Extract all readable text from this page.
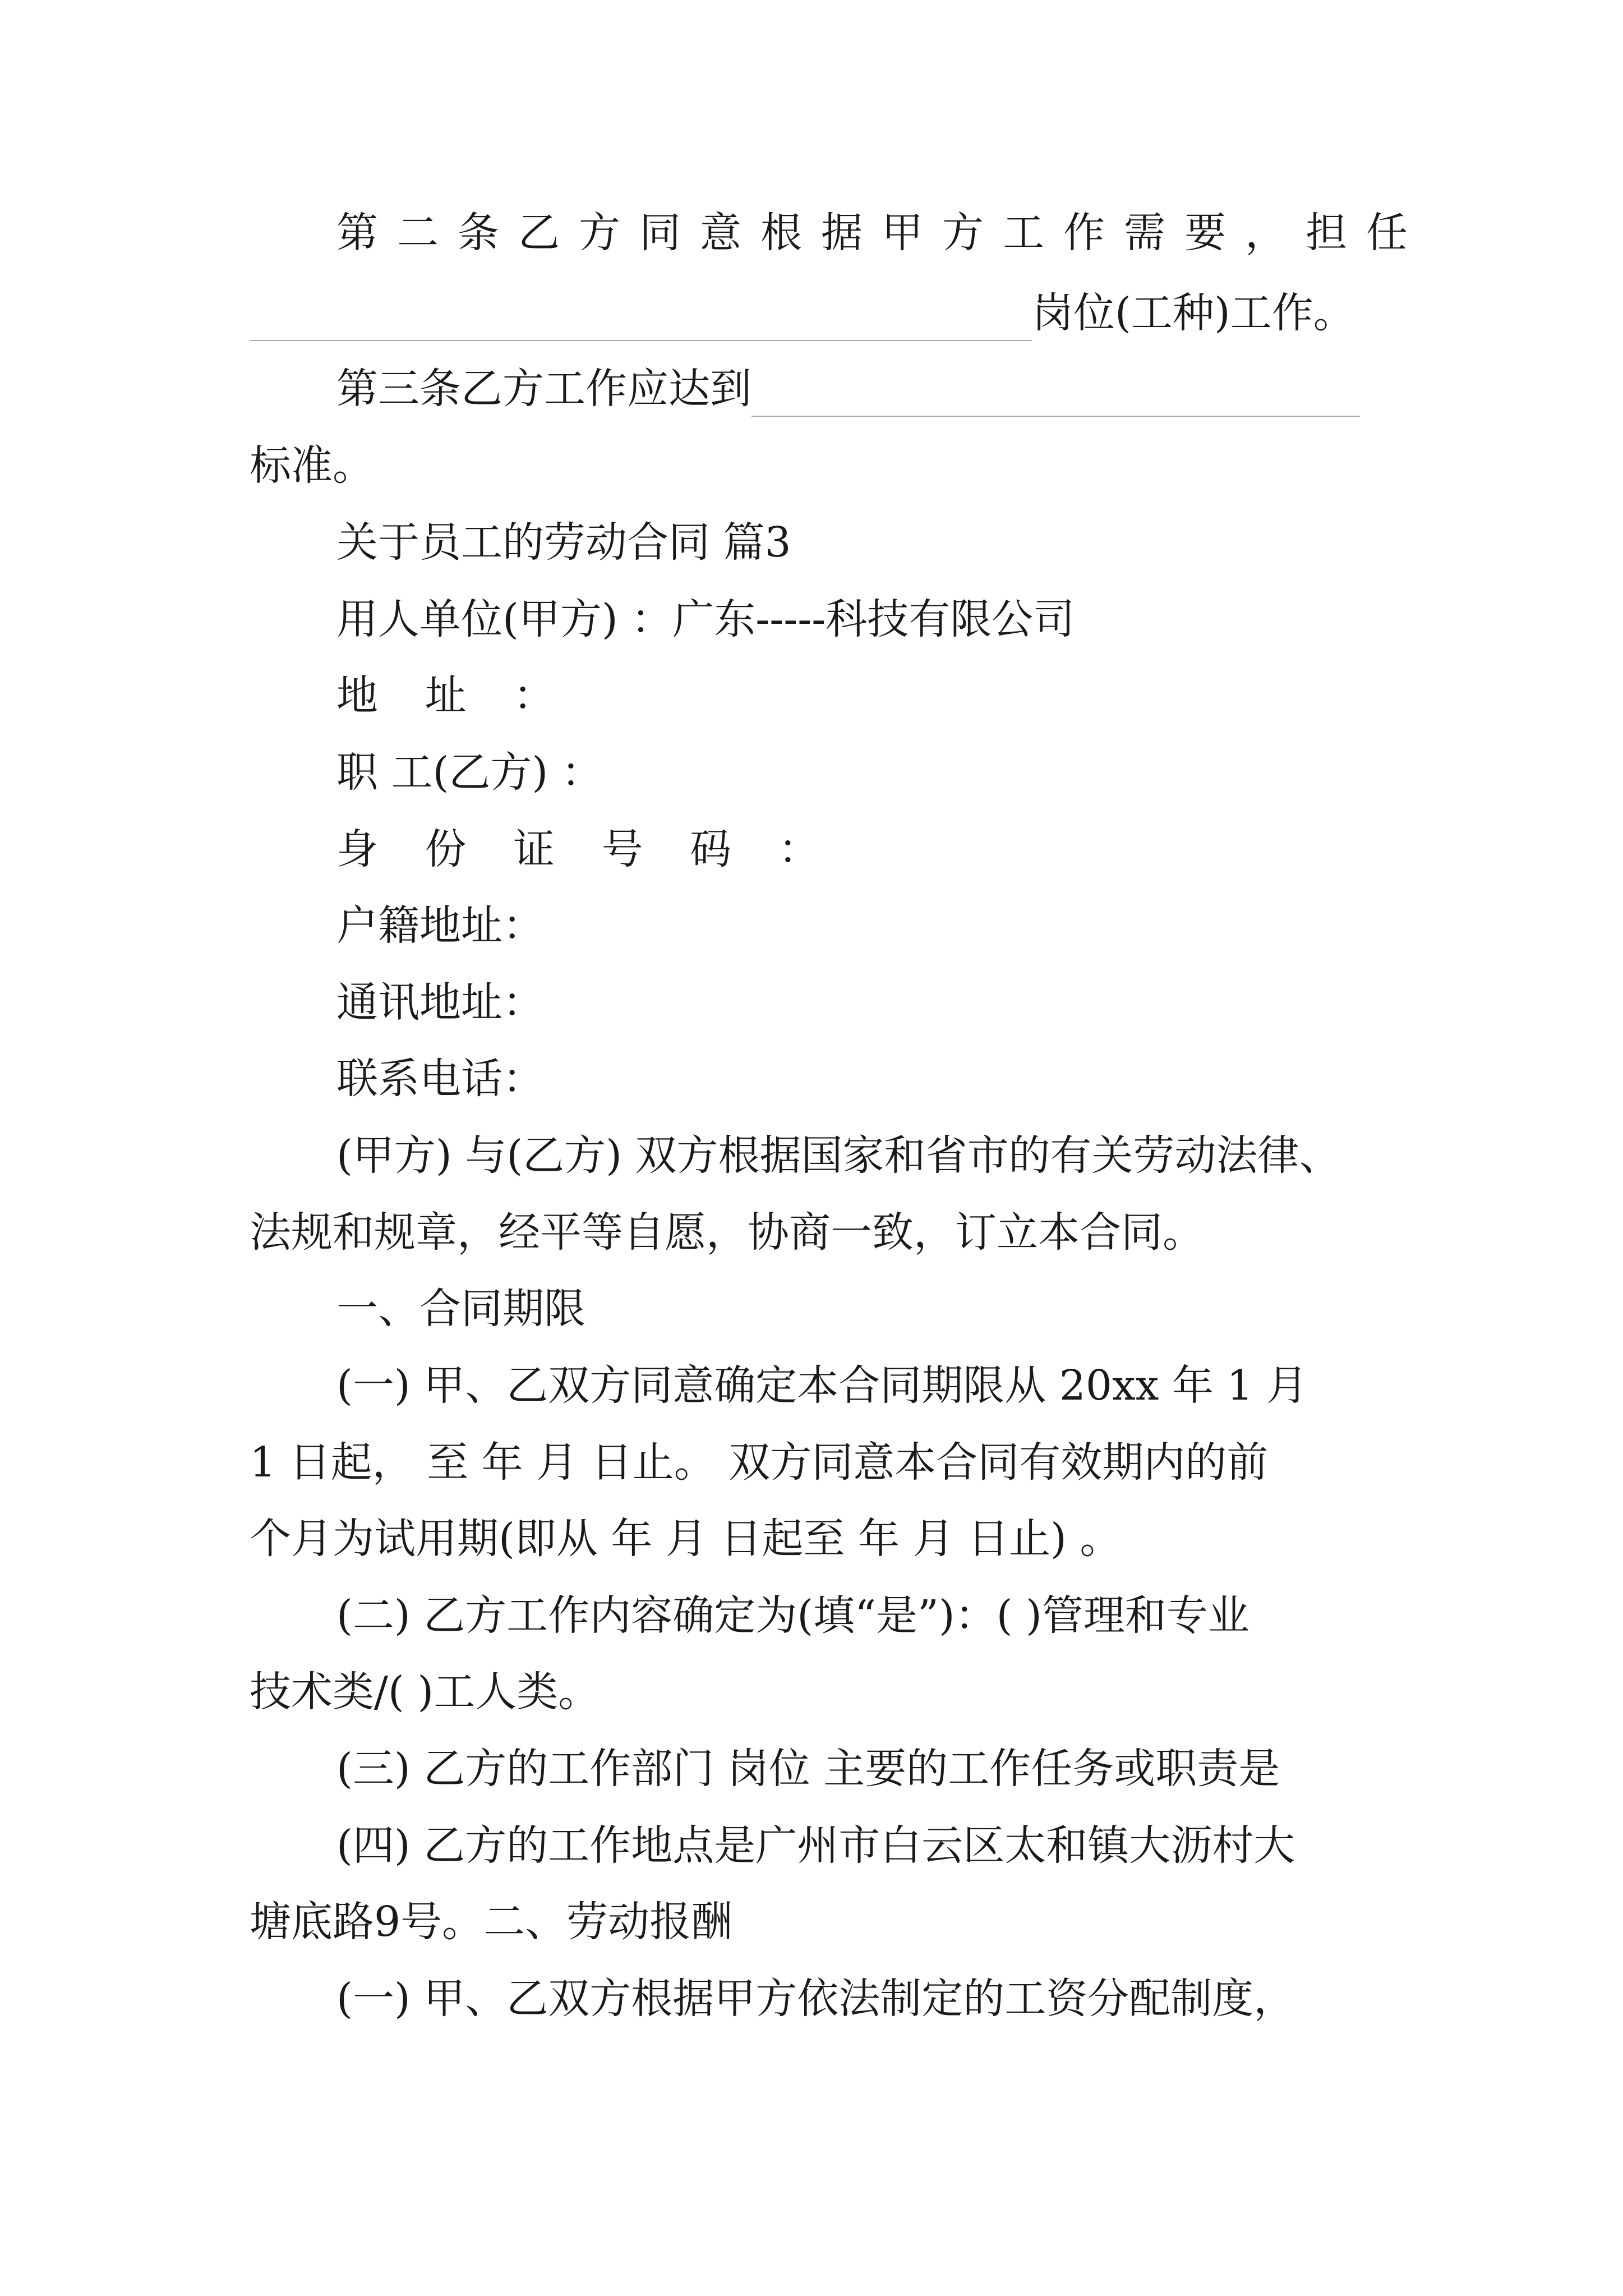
第二条乙方同意根据甲方工作需要，担任

岗位(工种)工作。
第三条乙方工作应达到

标准。

关于员工的劳动合同 篇3

用人单位(甲方) ：广东-----科技有限公司

地 址 ：

职 工(乙方) ：

身 份 证 号 码 ：

户籍地址：

通讯地址：

联系电话：

(甲方) 与(乙方) 双方根据国家和省市的有关劳动法律、

法规和规章，经平等自愿，协商一致，订立本合同。

一、合同期限

(一) 甲、乙双方同意确定本合同期限从 20xx 年 1 月

1 日起， 至 年 月 日止。 双方同意本合同有效期内的前

个月为试用期(即从 年 月 日起至 年 月 日止) 。

(二) 乙方工作内容确定为(填“是”)：( )管理和专业

技术类/( )工人类。

(三) 乙方的工作部门 岗位 主要的工作任务或职责是

(四) 乙方的工作地点是广州市白云区太和镇大沥村大

塘底路9号。二、劳动报酬

(一) 甲、乙双方根据甲方依法制定的工资分配制度，
